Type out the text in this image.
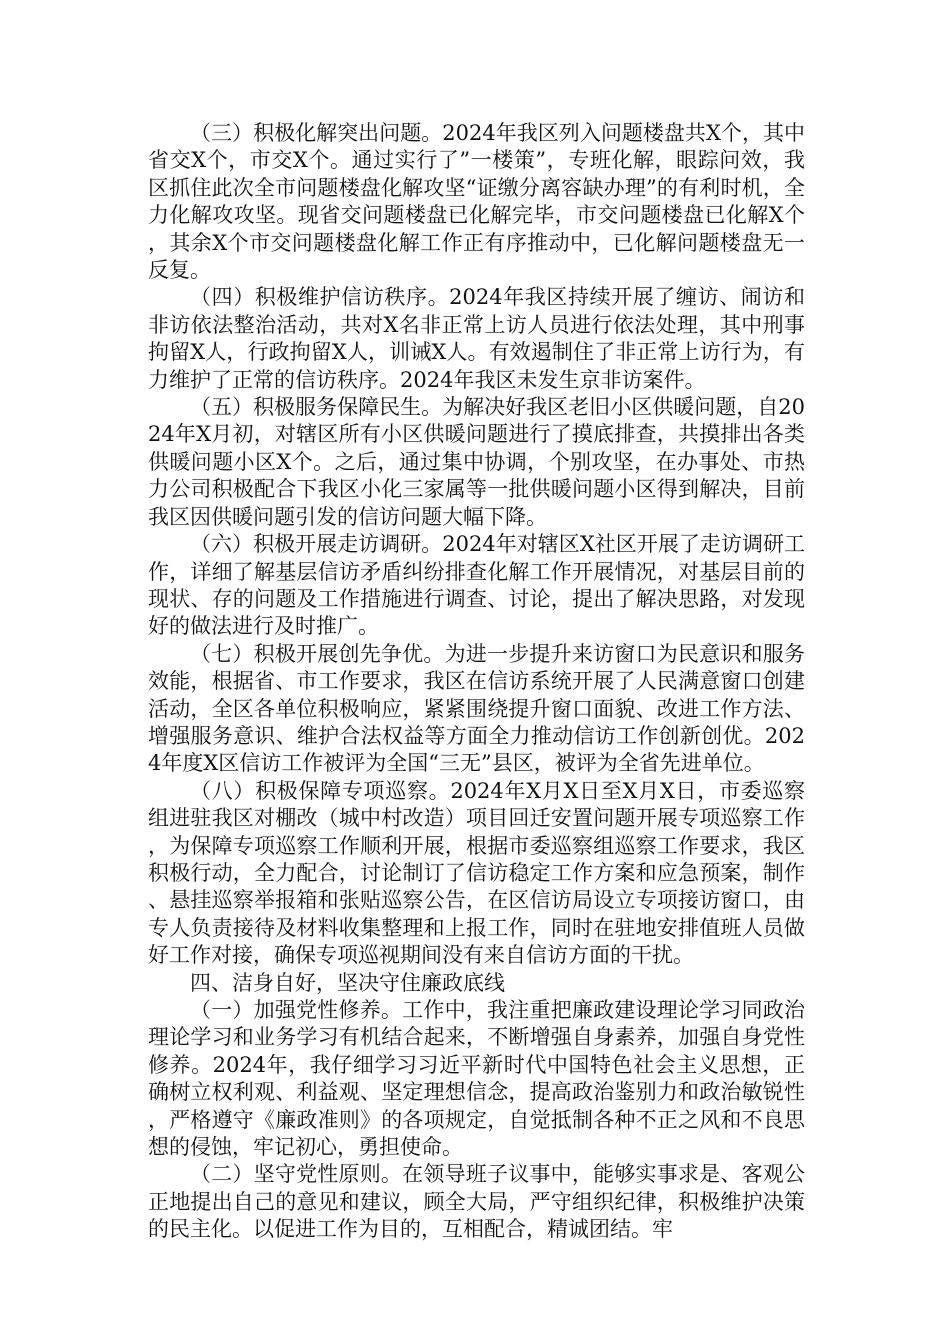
（三）积极化解突出问题。2024年我区列入问题楼盘共X个，其中省交X个，市交X个。通过实行了”一楼策”，专班化解，眼踪问效，我区抓住此次全市问题楼盘化解攻坚“证缴分离容缺办理”的有利时机，全力化解攻攻坚。现省交问题楼盘已化解完毕，市交问题楼盘已化解X个，其余X个市交问题楼盘化解工作正有序推动中，已化解问题楼盘无一反复。

（四）积极维护信访秩序。2024年我区持续开展了缠访、闹访和非访依法整治活动，共对X名非正常上访人员进行依法处理，其中刑事拘留X人，行政拘留X人，训诫X人。有效遏制住了非正常上访行为，有力维护了正常的信访秩序。2024年我区未发生京非访案件。

（五）积极服务保障民生。为解决好我区老旧小区供暖问题，自2024年X月初，对辖区所有小区供暖问题进行了摸底排查，共摸排出各类供暖问题小区X个。之后，通过集中协调，个别攻坚，在办事处、市热力公司积极配合下我区小化三家属等一批供暖问题小区得到解决，目前我区因供暖问题引发的信访问题大幅下降。

（六）积极开展走访调研。2024年对辖区X社区开展了走访调研工作，详细了解基层信访矛盾纠纷排查化解工作开展情况，对基层目前的现状、存的问题及工作措施进行调查、讨论，提出了解决思路，对发现好的做法进行及时推广。

（七）积极开展创先争优。为进一步提升来访窗口为民意识和服务效能，根据省、市工作要求，我区在信访系统开展了人民满意窗口创建活动，全区各单位积极响应，紧紧围绕提升窗口面貌、改进工作方法、增强服务意识、维护合法权益等方面全力推动信访工作创新创优。2024年度X区信访工作被评为全国“三无”县区，被评为全省先进单位。

（八）积极保障专项巡察。2024年X月X日至X月X日，市委巡察组进驻我区对棚改（城中村改造）项目回迁安置问题开展专项巡察工作，为保障专项巡察工作顺利开展，根据市委巡察组巡察工作要求，我区积极行动，全力配合，讨论制订了信访稳定工作方案和应急预案，制作、悬挂巡察举报箱和张贴巡察公告，在区信访局设立专项接访窗口，由专人负责接待及材料收集整理和上报工作，同时在驻地安排值班人员做好工作对接，确保专项巡视期间没有来自信访方面的干扰。

四、洁身自好，坚决守住廉政底线

（一）加强党性修养。工作中，我注重把廉政建设理论学习同政治理论学习和业务学习有机结合起来，不断增强自身素养，加强自身党性修养。2024年，我仔细学习习近平新时代中国特色社会主义思想，正确树立权利观、利益观、坚定理想信念，提高政治鉴别力和政治敏锐性，严格遵守《廉政准则》的各项规定，自觉抵制各种不正之风和不良思想的侵蚀，牢记初心，勇担使命。

（二）坚守党性原则。在领导班子议事中，能够实事求是、客观公正地提出自己的意见和建议，顾全大局，严守组织纪律，积极维护决策的民主化。以促进工作为目的，互相配合，精诚团结。牢
